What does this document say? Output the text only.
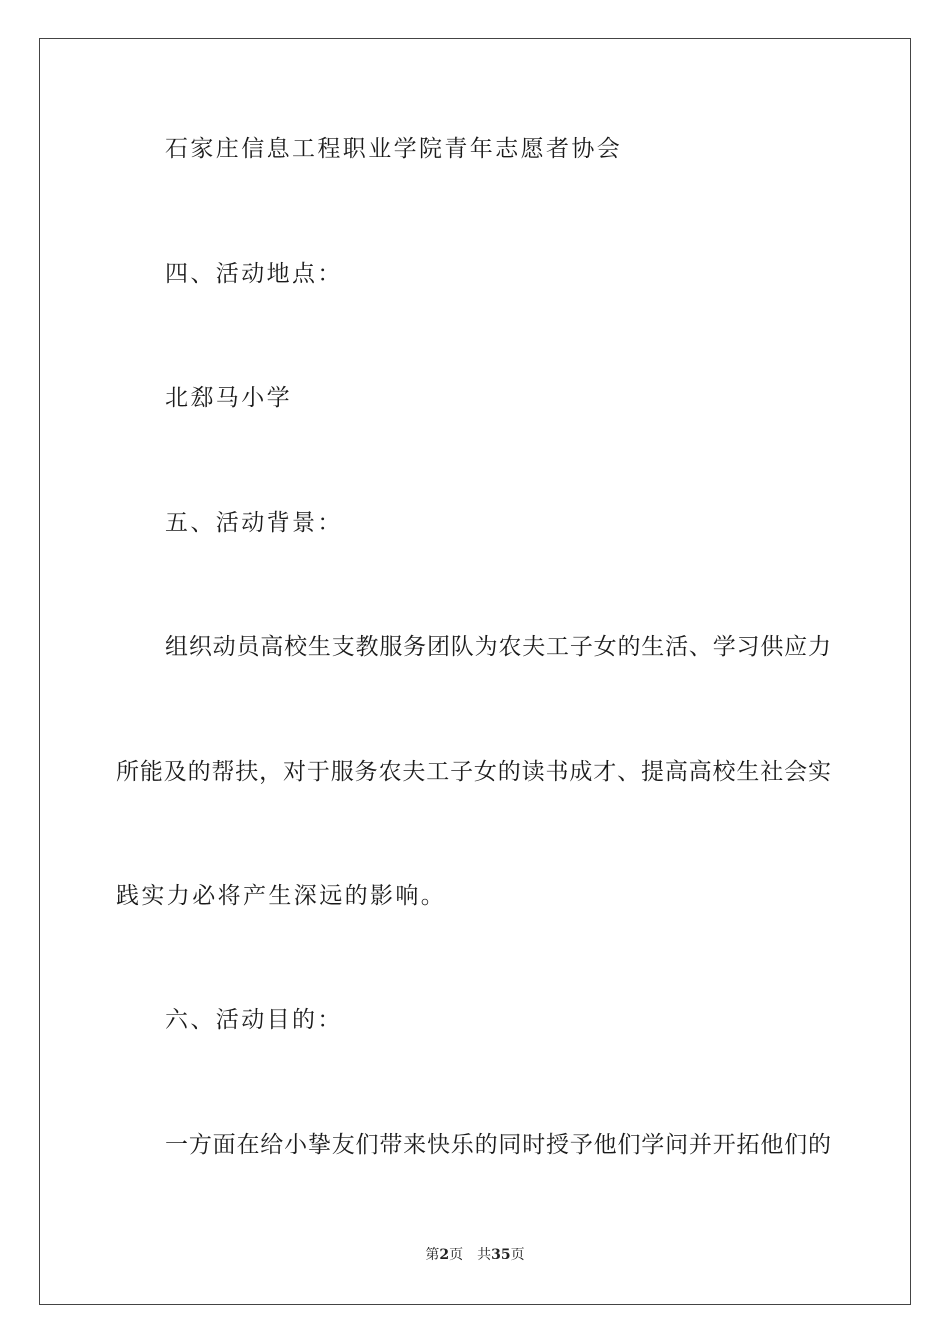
石家庄信息工程职业学院青年志愿者协会
四、活动地点：
北郄马小学
五、活动背景：
组织动员高校生支教服务团队为农夫工子女的生活、学习供应力
所能及的帮扶，对于服务农夫工子女的读书成才、提高高校生社会实
践实力必将产生深远的影响。
六、活动目的：
一方面在给小挚友们带来快乐的同时授予他们学问并开拓他们的
第2页 共35页
